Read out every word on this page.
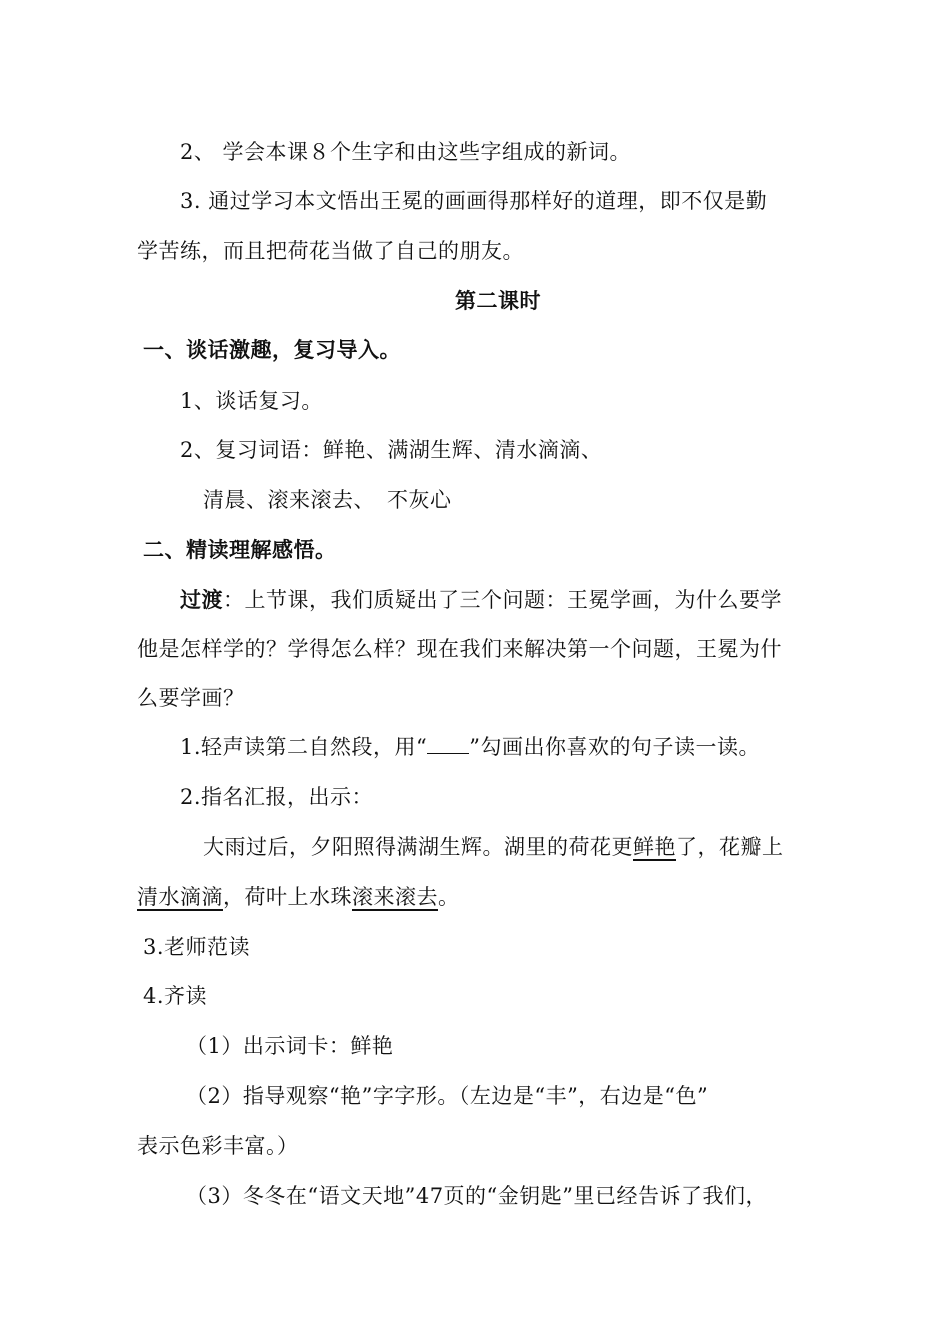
2、 学会本课８个生字和由这些字组成的新词。

3. 通过学习本文悟出王冕的画画得那样好的道理，即不仅是勤

学苦练，而且把荷花当做了自己的朋友。

第二课时

一、谈话激趣，复习导入。

1、谈话复习。

2、复习词语：鲜艳、满湖生辉、清水滴滴、

清晨、滚来滚去、 不灰心

二、精读理解感悟。

过渡：上节课，我们质疑出了三个问题：王冕学画，为什么要学

他是怎样学的？学得怎么样？现在我们来解决第一个问题，王冕为什

么要学画？

1.轻声读第二自然段，用“ ”勾画出你喜欢的句子读一读。

2.指名汇报，出示：

大雨过后，夕阳照得满湖生辉。湖里的荷花更鲜艳了，花瓣上

清水滴滴，荷叶上水珠滚来滚去。

3.老师范读

4.齐读

（1）出示词卡：鲜艳

（2）指导观察“艳”字字形。（左边是“丰”，右边是“色”

表示色彩丰富。）

（3）冬冬在“语文天地”47页的“金钥匙”里已经告诉了我们，
